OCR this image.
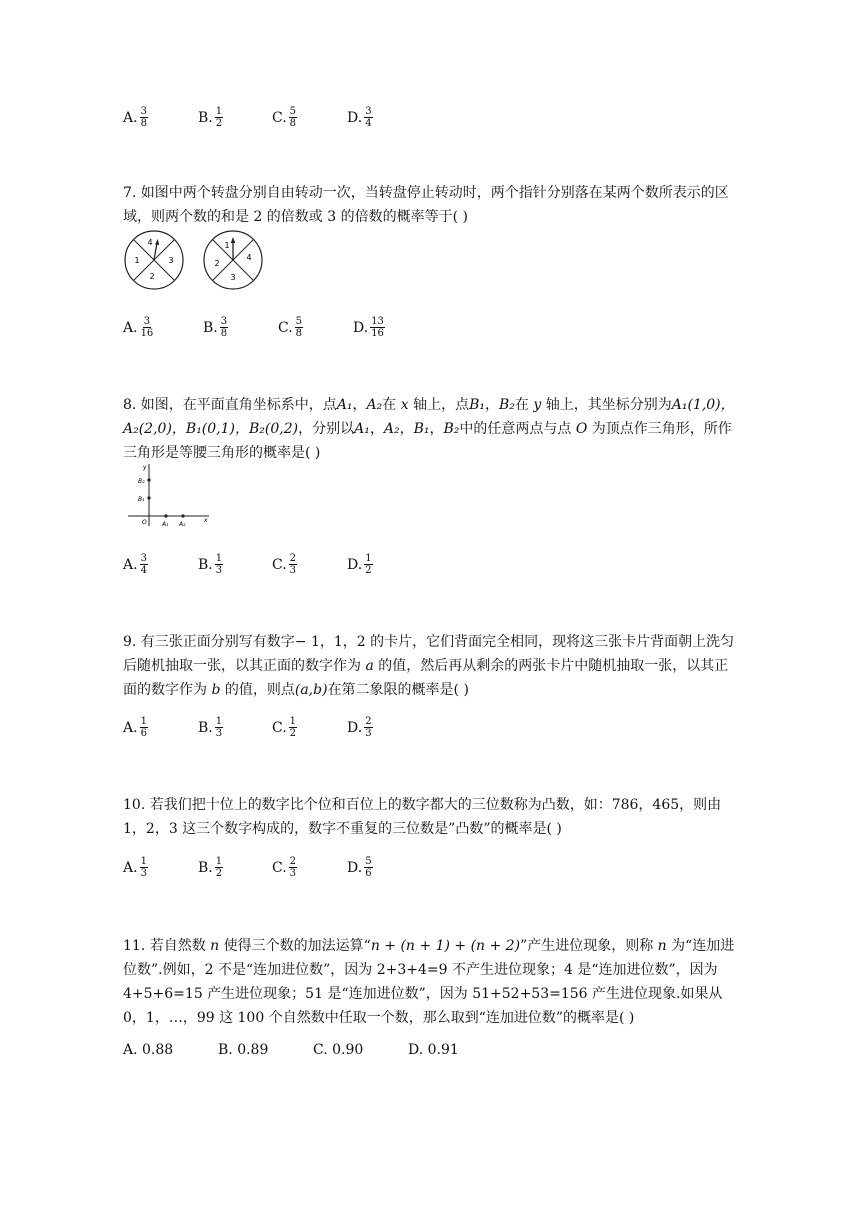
A. $\frac{3}{8}$	B. $\frac{1}{2}$	C. $\frac{5}{8}$	D. $\frac{3}{4}$
7. 如图中两个转盘分别自由转动一次，当转盘停止转动时，两个指针分别落在某两个数所表示的区域，则两个数的和是 2 的倍数或 3 的倍数的概率等于( )
4
1	3
2
1
2
4
3
A. $\frac{3}{16}$	B. $\frac{3}{8}$	C. $\frac{5}{8}$	D. $\frac{13}{16}$
8. 如图，在平面直角坐标系中，点A₁，A₂在 x 轴上，点B₁，B₂在 y 轴上，其坐标分别为A₁(1,0)，A₂(2,0)，B₁(0,1)，B₂(0,2)，分别以A₁，A₂，B₁，B₂中的任意两点与点 O 为顶点作三角形，所作三角形是等腰三角形的概率是( )
y
x
O
B₂
B₁
A₁ A₂
A. $\frac{3}{4}$	B. $\frac{1}{3}$	C. $\frac{2}{3}$	D. $\frac{1}{2}$
9. 有三张正面分别写有数字− 1，1，2 的卡片，它们背面完全相同，现将这三张卡片背面朝上洗匀后随机抽取一张，以其正面的数字作为 a 的值，然后再从剩余的两张卡片中随机抽取一张，以其正面的数字作为 b 的值，则点(a,b)在第二象限的概率是( )
A. $\frac{1}{6}$	B. $\frac{1}{3}$	C. $\frac{1}{2}$	D. $\frac{2}{3}$
10. 若我们把十位上的数字比个位和百位上的数字都大的三位数称为凸数，如：786，465，则由 1，2，3 这三个数字构成的，数字不重复的三位数是”凸数”的概率是( )
A. $\frac{1}{3}$	B. $\frac{1}{2}$	C. $\frac{2}{3}$	D. $\frac{5}{6}$
11. 若自然数 n 使得三个数的加法运算“n + (n + 1) + (n + 2)”产生进位现象，则称 n 为“连加进位数”.例如，2 不是“连加进位数”，因为 2+3+4=9 不产生进位现象；4 是“连加进位数”，因为 4+5+6=15 产生进位现象；51 是“连加进位数”，因为 51+52+53=156 产生进位现象.如果从 0，1，…，99 这 100 个自然数中任取一个数，那么取到“连加进位数”的概率是( )
A. 0.88	B. 0.89	C. 0.90	D. 0.91
